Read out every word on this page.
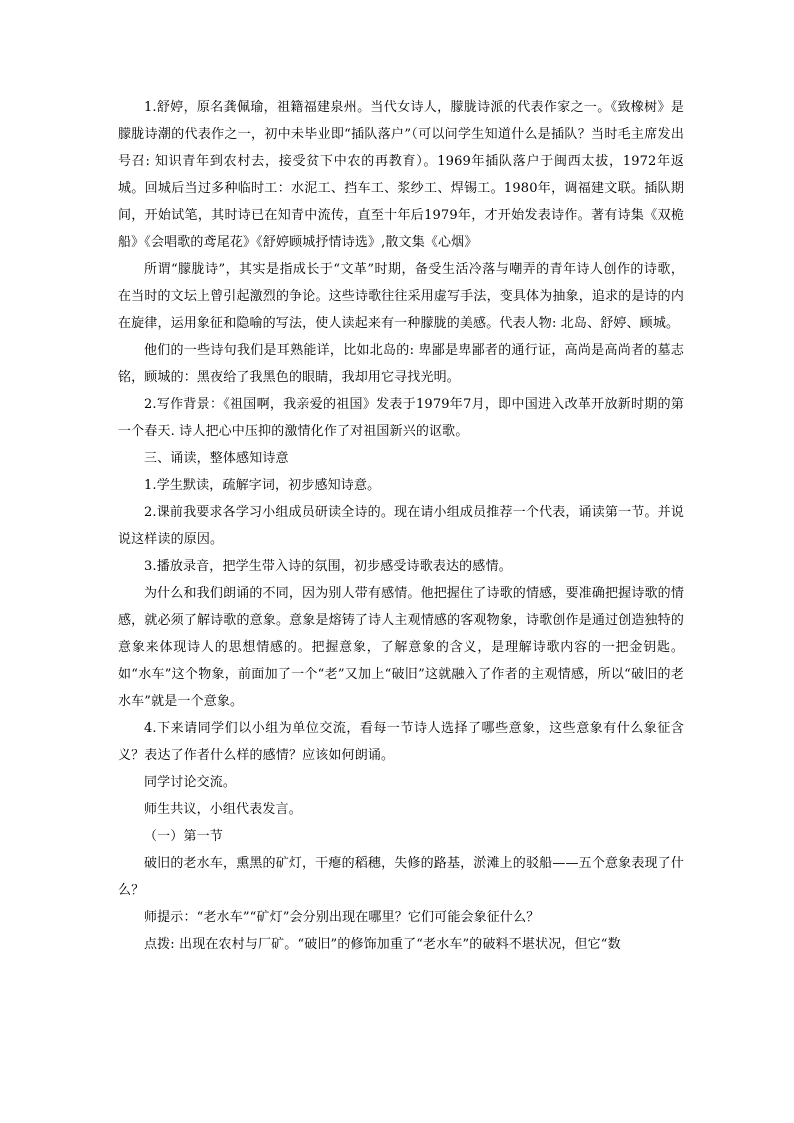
1.舒婷，原名龚佩瑜，祖籍福建泉州。当代女诗人，朦胧诗派的代表作家之一。《致橡树》是朦胧诗潮的代表作之一，初中未毕业即“插队落户”（可以问学生知道什么是插队？当时毛主席发出号召: 知识青年到农村去，接受贫下中农的再教育）。1969年插队落户于闽西太拔，1972年返城。回城后当过多种临时工：水泥工、挡车工、浆纱工、焊锡工。1980年，调福建文联。插队期间，开始试笔，其时诗已在知青中流传，直至十年后1979年，才开始发表诗作。著有诗集《双桅船》《会唱歌的鸢尾花》《舒婷顾城抒情诗选》,散文集《心烟》

所谓“朦胧诗”，其实是指成长于“文革”时期，备受生活冷落与嘲弄的青年诗人创作的诗歌，在当时的文坛上曾引起激烈的争论。这些诗歌往往采用虚写手法，变具体为抽象，追求的是诗的内在旋律，运用象征和隐喻的写法，使人读起来有一种朦胧的美感。代表人物: 北岛、舒婷、顾城。

他们的一些诗句我们是耳熟能详，比如北岛的: 卑鄙是卑鄙者的通行证，高尚是高尚者的墓志铭，顾城的：黑夜给了我黑色的眼睛，我却用它寻找光明。

2.写作背景：《祖国啊，我亲爱的祖国》发表于1979年7月，即中国进入改革开放新时期的第一个春天. 诗人把心中压抑的激情化作了对祖国新兴的讴歌。

三、诵读，整体感知诗意

1.学生默读，疏解字词，初步感知诗意。

2.课前我要求各学习小组成员研读全诗的。现在请小组成员推荐一个代表，诵读第一节。并说说这样读的原因。

3.播放录音，把学生带入诗的氛围，初步感受诗歌表达的感情。

为什么和我们朗诵的不同，因为别人带有感情。他把握住了诗歌的情感，要准确把握诗歌的情感，就必须了解诗歌的意象。意象是熔铸了诗人主观情感的客观物象，诗歌创作是通过创造独特的意象来体现诗人的思想情感的。把握意象，了解意象的含义，是理解诗歌内容的一把金钥匙。如“水车”这个物象，前面加了一个“老”又加上“破旧”这就融入了作者的主观情感，所以“破旧的老水车”就是一个意象。

4.下来请同学们以小组为单位交流，看每一节诗人选择了哪些意象，这些意象有什么象征含义？表达了作者什么样的感情？应该如何朗诵。

同学讨论交流。

师生共议，小组代表发言。

（一）第一节

破旧的老水车，熏黑的矿灯，干瘪的稻穗，失修的路基，淤滩上的驳船——五个意象表现了什么？

师提示：“老水车”“矿灯”会分别出现在哪里？它们可能会象征什么？

点拨: 出现在农村与厂矿。“破旧”的修饰加重了“老水车”的破料不堪状况，但它“数
